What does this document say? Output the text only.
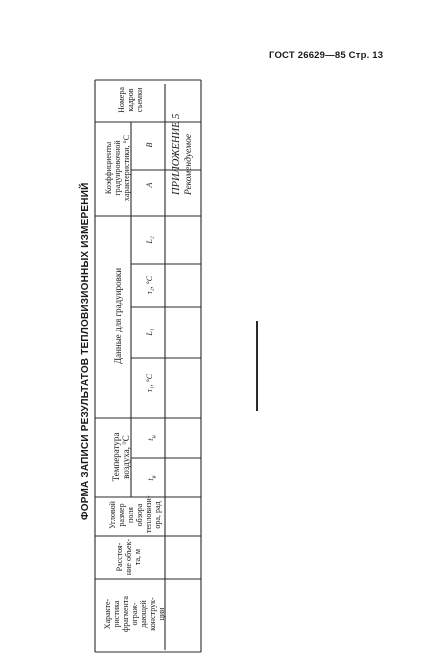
ГОСТ 26629—85 Стр. 13
ПРИЛОЖЕНИЕ 5 Рекомендуемое
ФОРМА ЗАПИСИ РЕЗУЛЬТАТОВ ТЕПЛОВИЗИОННЫХ ИЗМЕРЕНИЙ
Характе- ристика фрагмента ограж- дающей конструк- ции
Расстоя- ние объек- та, м
Угловой размер поля обзора тепловизи- ора, рад
Температура воздуха, °С
$t_в$
$t_н$
Данные для градуировки
τ₁, °С
L₁
τ₂, °С
L₂
Коэффициенты градуировочной характеристики, °С A
B
Номера кадров съемки
